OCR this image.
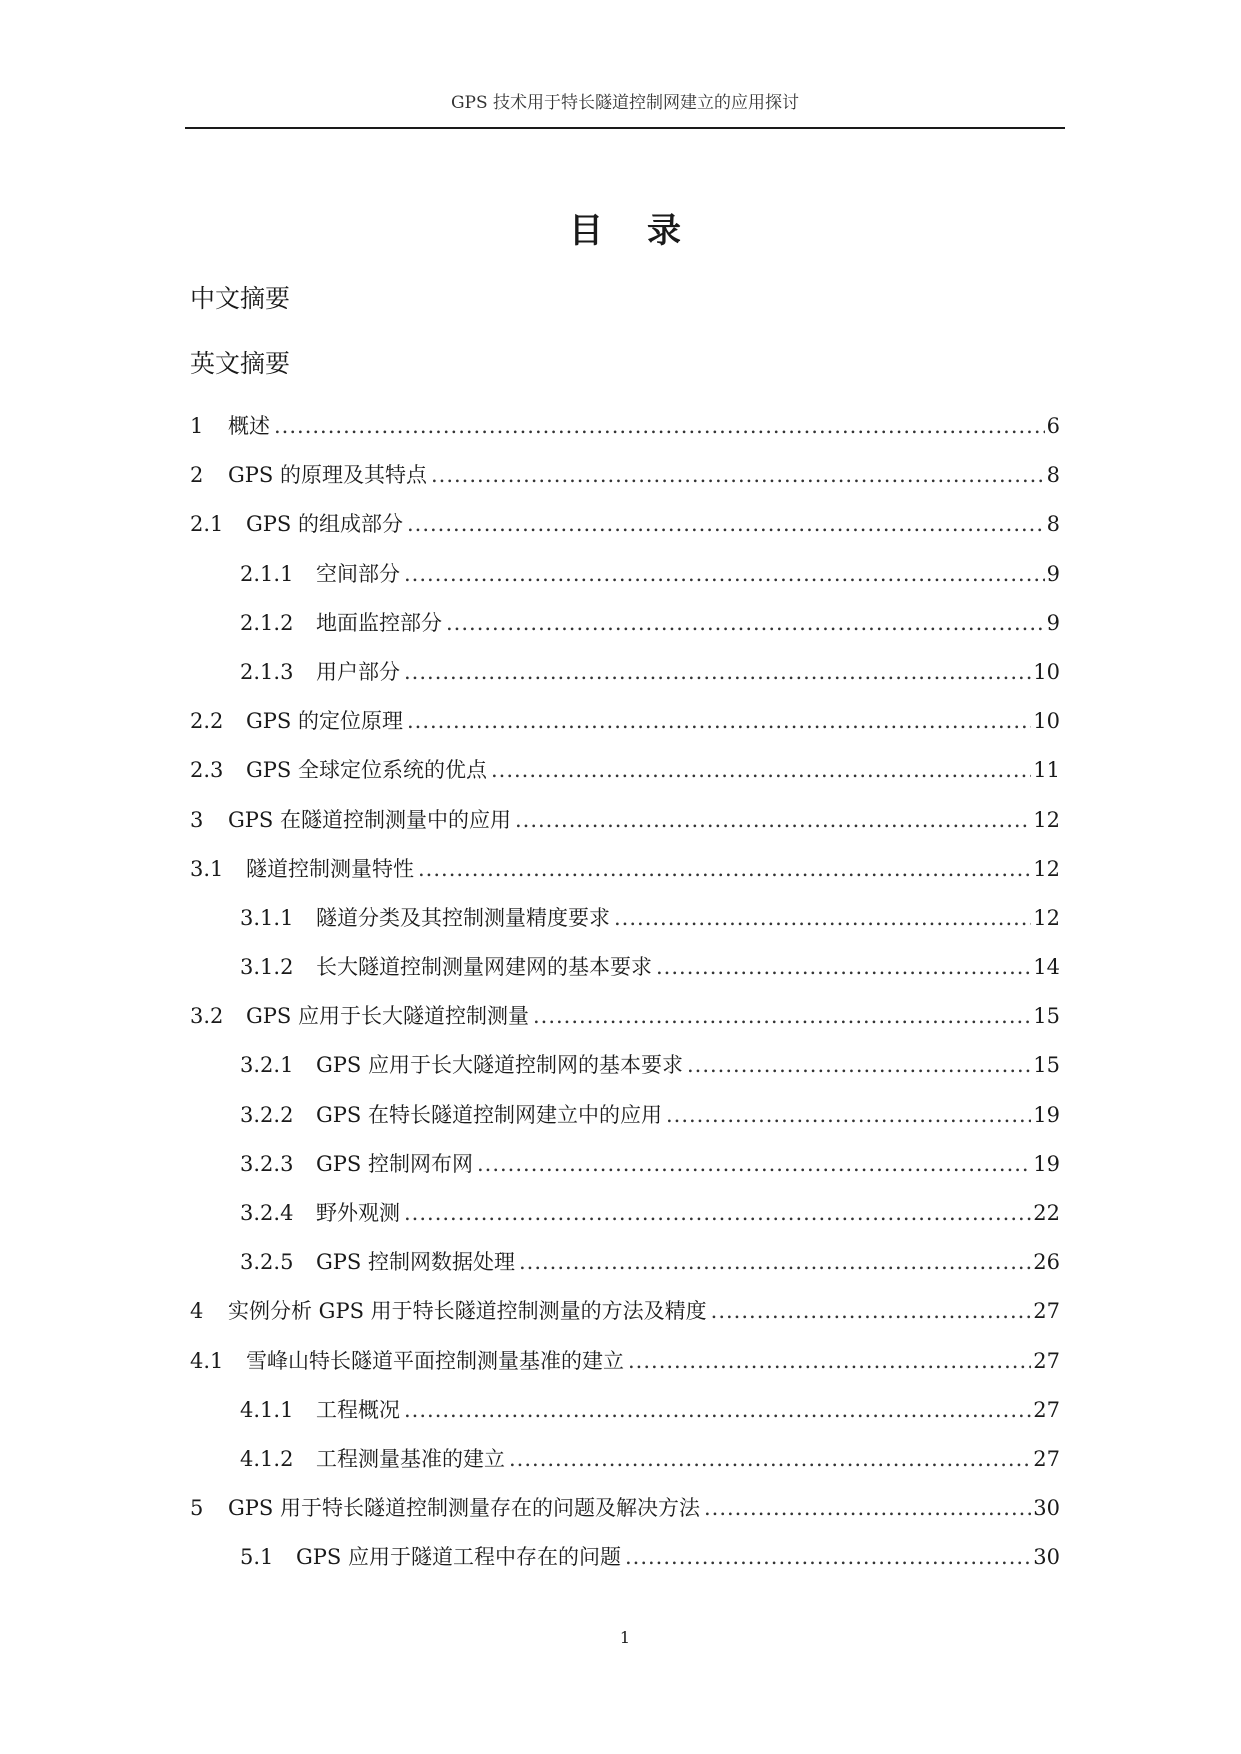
GPS 技术用于特长隧道控制网建立的应用探讨
目录
中文摘要
英文摘要
1	概述 .....	6
2	GPS 的原理及其特点 .....	8
2.1	GPS 的组成部分 .....	8
2.1.1	空间部分 .....	9
2.1.2	地面监控部分 .....	9
2.1.3	用户部分 .....	10
2.2	GPS 的定位原理 .....	10
2.3	GPS 全球定位系统的优点 .....	11
3	GPS 在隧道控制测量中的应用 .....	12
3.1	隧道控制测量特性 .....	12
3.1.1	隧道分类及其控制测量精度要求 .....	12
3.1.2	长大隧道控制测量网建网的基本要求 .....	14
3.2	GPS 应用于长大隧道控制测量 .....	15
3.2.1	GPS 应用于长大隧道控制网的基本要求 .....	15
3.2.2	GPS 在特长隧道控制网建立中的应用 .....	19
3.2.3	GPS 控制网布网 .....	19
3.2.4	野外观测 .....	22
3.2.5	GPS 控制网数据处理 .....	26
4	实例分析 GPS 用于特长隧道控制测量的方法及精度 .....	27
4.1	雪峰山特长隧道平面控制测量基准的建立 .....	27
4.1.1	工程概况 .....	27
4.1.2	工程测量基准的建立 .....	27
5	GPS 用于特长隧道控制测量存在的问题及解决方法 .....	30
5.1	GPS 应用于隧道工程中存在的问题 .....	30
1
